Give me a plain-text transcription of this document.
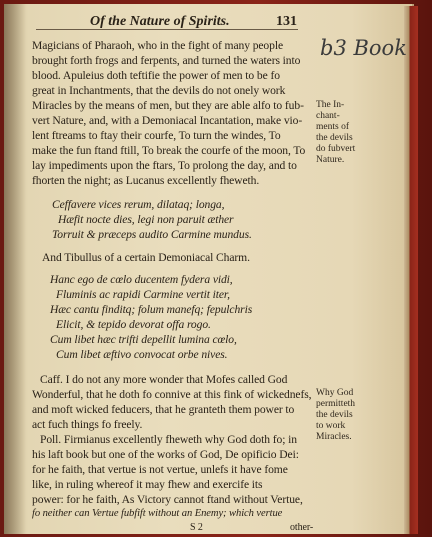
Of the Nature of Spirits.	131
b3 Book
Magicians of Pharaoh, who in the fight of many people
brought forth frogs and ferpents, and turned the waters into
blood. Apuleius doth teftifie the power of men to be fo
great in Inchantments, that the devils do not onely work
Miracles by the means of men, but they are able alfo to fub-
vert Nature, and, with a Demoniacal Incantation, make vio-
lent ftreams to ftay their courfe, To turn the windes, To
make the fun ftand ftill, To break the courfe of the moon, To
lay impediments upon the ftars, To prolong the day, and to
fhorten the night; as Lucanus excellently fheweth.
The In-
chant-
ments of
the devils
do fubvert
Nature.
Ceffavere vices rerum, dilataq; longa,
Hæfit nocte dies, legi non paruit æther
Torruit & præceps audito Carmine mundus.
And Tibullus of a certain Demoniacal Charm.
Hanc ego de cœlo ducentem fydera vidi,
Fluminis ac rapidi Carmine vertit iter,
Hæc cantu finditq; folum manefq; fepulchris
Elicit, & tepido devorat offa rogo.
Cum libet hæc trifti depellit lumina cœlo,
Cum libet æftivo convocat orbe nives.
Caff. I do not any more wonder that Mofes called God
Wonderful, that he doth fo connive at this fink of wickednefs,
and moft wicked feducers, that he granteth them power to
act fuch things fo freely.
Poll. Firmianus excellently fheweth why God doth fo; in
his laft book but one of the works of God, De opificio Dei:
for he faith, that vertue is not vertue, unlefs it have fome
like, in ruling whereof it may fhew and exercife its
power: for he faith, As Victory cannot ftand without Vertue,
fo neither can Vertue fubfift without an Enemy; which vertue
Why God
permitteth
the devils
to work
Miracles.
S 2	other-
